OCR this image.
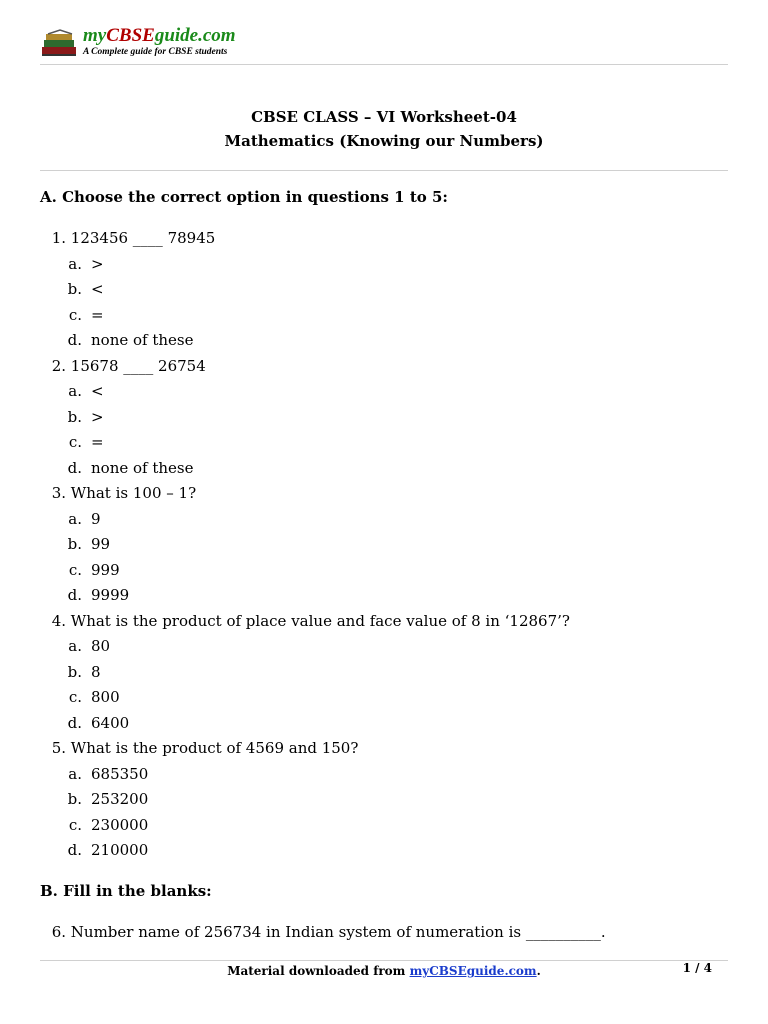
myCBSEguide.com
A Complete guide for CBSE students
CBSE CLASS – VI Worksheet-04
Mathematics (Knowing our Numbers)
A. Choose the correct option in questions 1 to 5:
1. 123456 ____ 78945
a. >
b. <
c. =
d. none of these
2. 15678 ____ 26754
a. <
b. >
c. =
d. none of these
3. What is 100 – 1?
a. 9
b. 99
c. 999
d. 9999
4. What is the product of place value and face value of 8 in ‘12867’?
a. 80
b. 8
c. 800
d. 6400
5. What is the product of 4569 and 150?
a. 685350
b. 253200
c. 230000
d. 210000
B. Fill in the blanks:
6. Number name of 256734 in Indian system of numeration is __________.
Material downloaded from myCBSEguide.com.	1 / 4
